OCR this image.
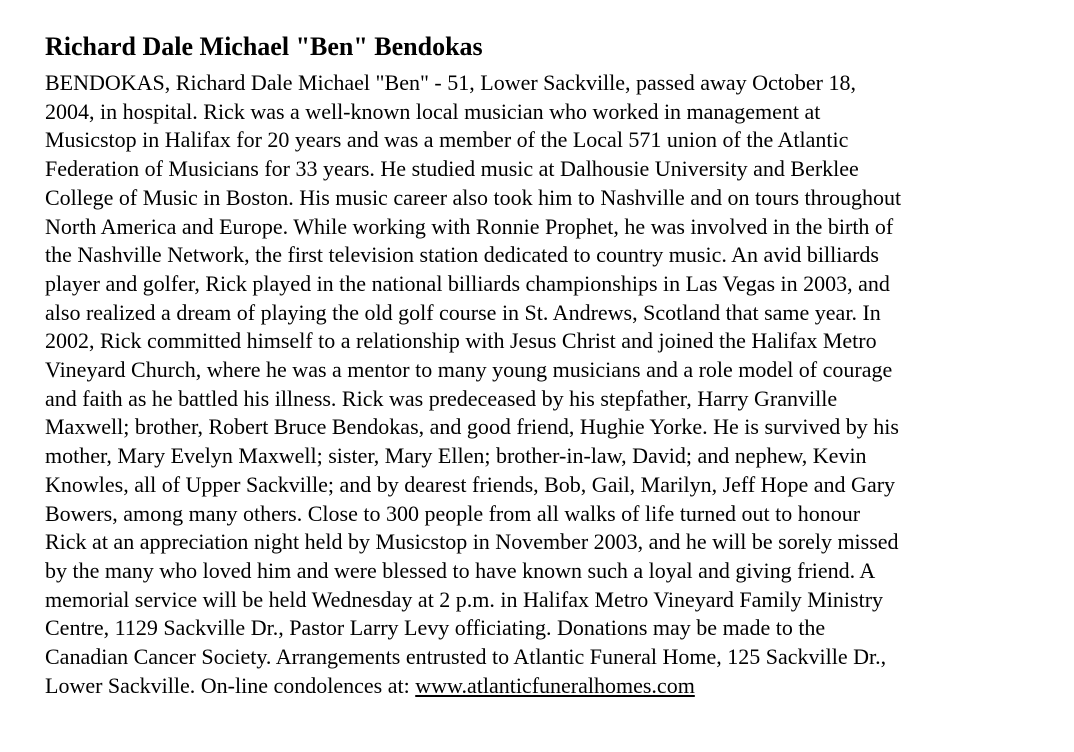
Richard Dale Michael "Ben" Bendokas
BENDOKAS, Richard Dale Michael "Ben" - 51, Lower Sackville, passed away October 18,
2004, in hospital. Rick was a well-known local musician who worked in management at
Musicstop in Halifax for 20 years and was a member of the Local 571 union of the Atlantic
Federation of Musicians for 33 years. He studied music at Dalhousie University and Berklee
College of Music in Boston. His music career also took him to Nashville and on tours throughout
North America and Europe. While working with Ronnie Prophet, he was involved in the birth of
the Nashville Network, the first television station dedicated to country music. An avid billiards
player and golfer, Rick played in the national billiards championships in Las Vegas in 2003, and
also realized a dream of playing the old golf course in St. Andrews, Scotland that same year. In
2002, Rick committed himself to a relationship with Jesus Christ and joined the Halifax Metro
Vineyard Church, where he was a mentor to many young musicians and a role model of courage
and faith as he battled his illness. Rick was predeceased by his stepfather, Harry Granville
Maxwell; brother, Robert Bruce Bendokas, and good friend, Hughie Yorke. He is survived by his
mother, Mary Evelyn Maxwell; sister, Mary Ellen; brother-in-law, David; and nephew, Kevin
Knowles, all of Upper Sackville; and by dearest friends, Bob, Gail, Marilyn, Jeff Hope and Gary
Bowers, among many others. Close to 300 people from all walks of life turned out to honour
Rick at an appreciation night held by Musicstop in November 2003, and he will be sorely missed
by the many who loved him and were blessed to have known such a loyal and giving friend. A
memorial service will be held Wednesday at 2 p.m. in Halifax Metro Vineyard Family Ministry
Centre, 1129 Sackville Dr., Pastor Larry Levy officiating. Donations may be made to the
Canadian Cancer Society. Arrangements entrusted to Atlantic Funeral Home, 125 Sackville Dr.,
Lower Sackville. On-line condolences at: www.atlanticfuneralhomes.com
